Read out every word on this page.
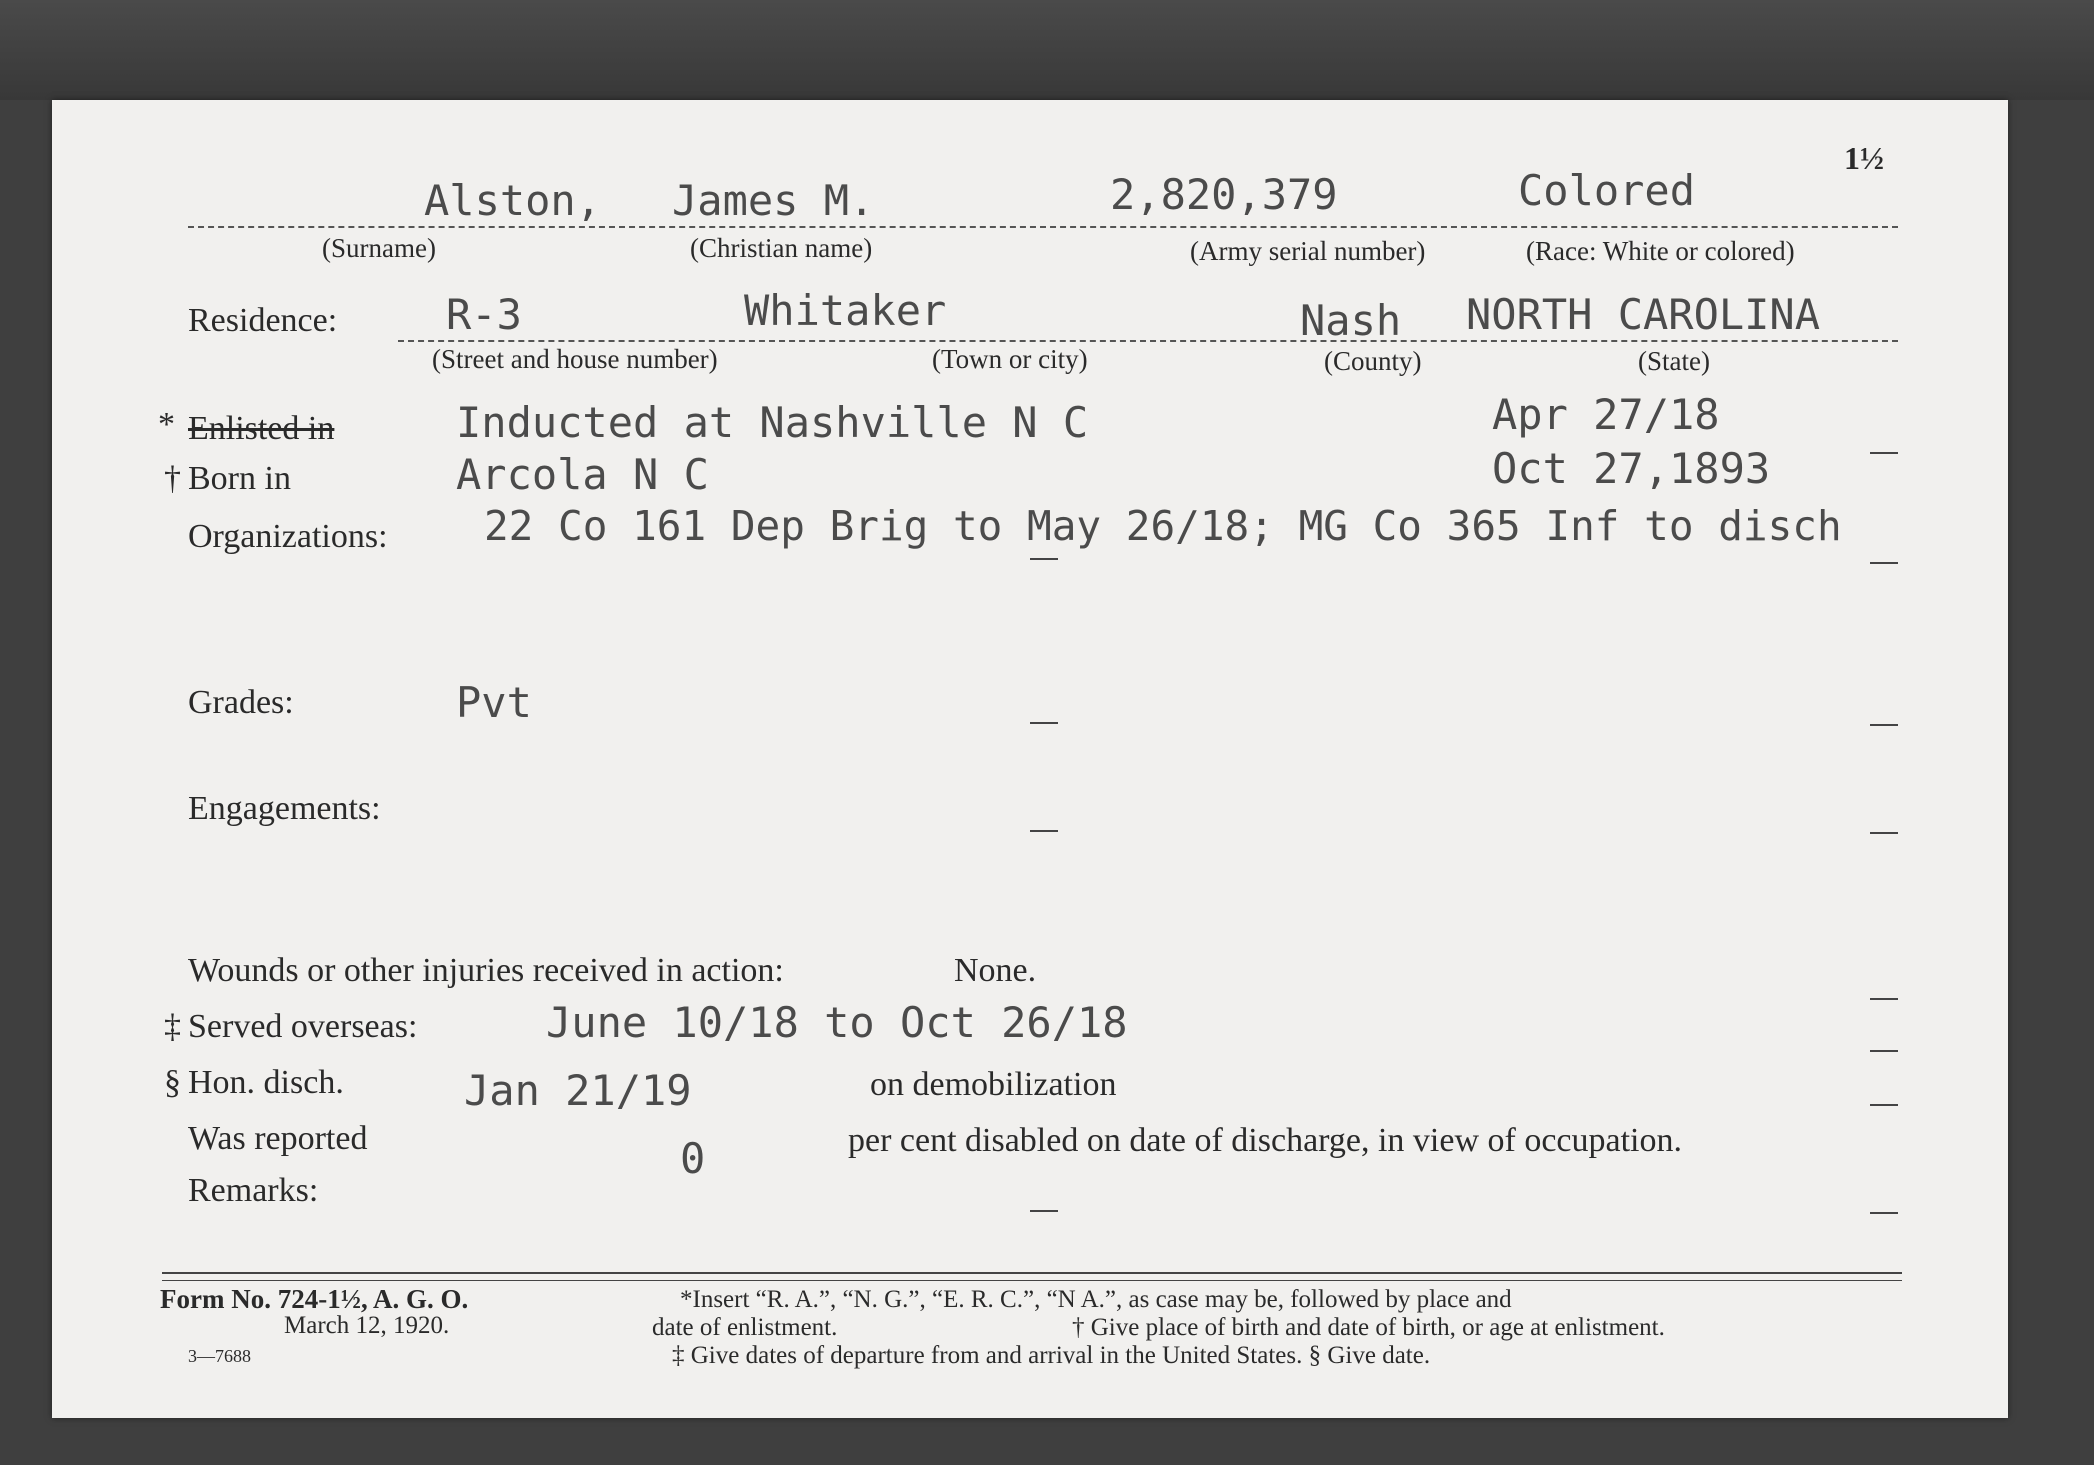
1½
Alston, James M.	2,820,379	Colored
(Surname)	(Christian name)	(Army serial number)	(Race: White or colored)
Residence:	R-3	Whitaker	Nash NORTH CAROLINA
(Street and house number)	(Town or city)	(County)	(State)
* Enlisted in	Inducted at Nashville N C	Apr 27/18
† Born in	Arcola N C	Oct 27,1893
Organizations: 22 Co 161 Dep Brig to May 26/18; MG Co 365 Inf to disch
Grades:	Pvt
Engagements:
Wounds or other injuries received in action:	None.
‡ Served overseas:	June 10/18 to Oct 26/18
§ Hon. disch.	Jan 21/19	on demobilization
Was reported	0	per cent disabled on date of discharge, in view of occupation.
Remarks:
Form No. 724-1½, A. G. O.
March 12, 1920.
3—7688
*Insert “R. A.”, “N. G.”, “E. R. C.”, “N A.”, as case may be, followed by place and
date of enlistment.	† Give place of birth and date of birth, or age at enlistment.
‡ Give dates of departure from and arrival in the United States. § Give date.
